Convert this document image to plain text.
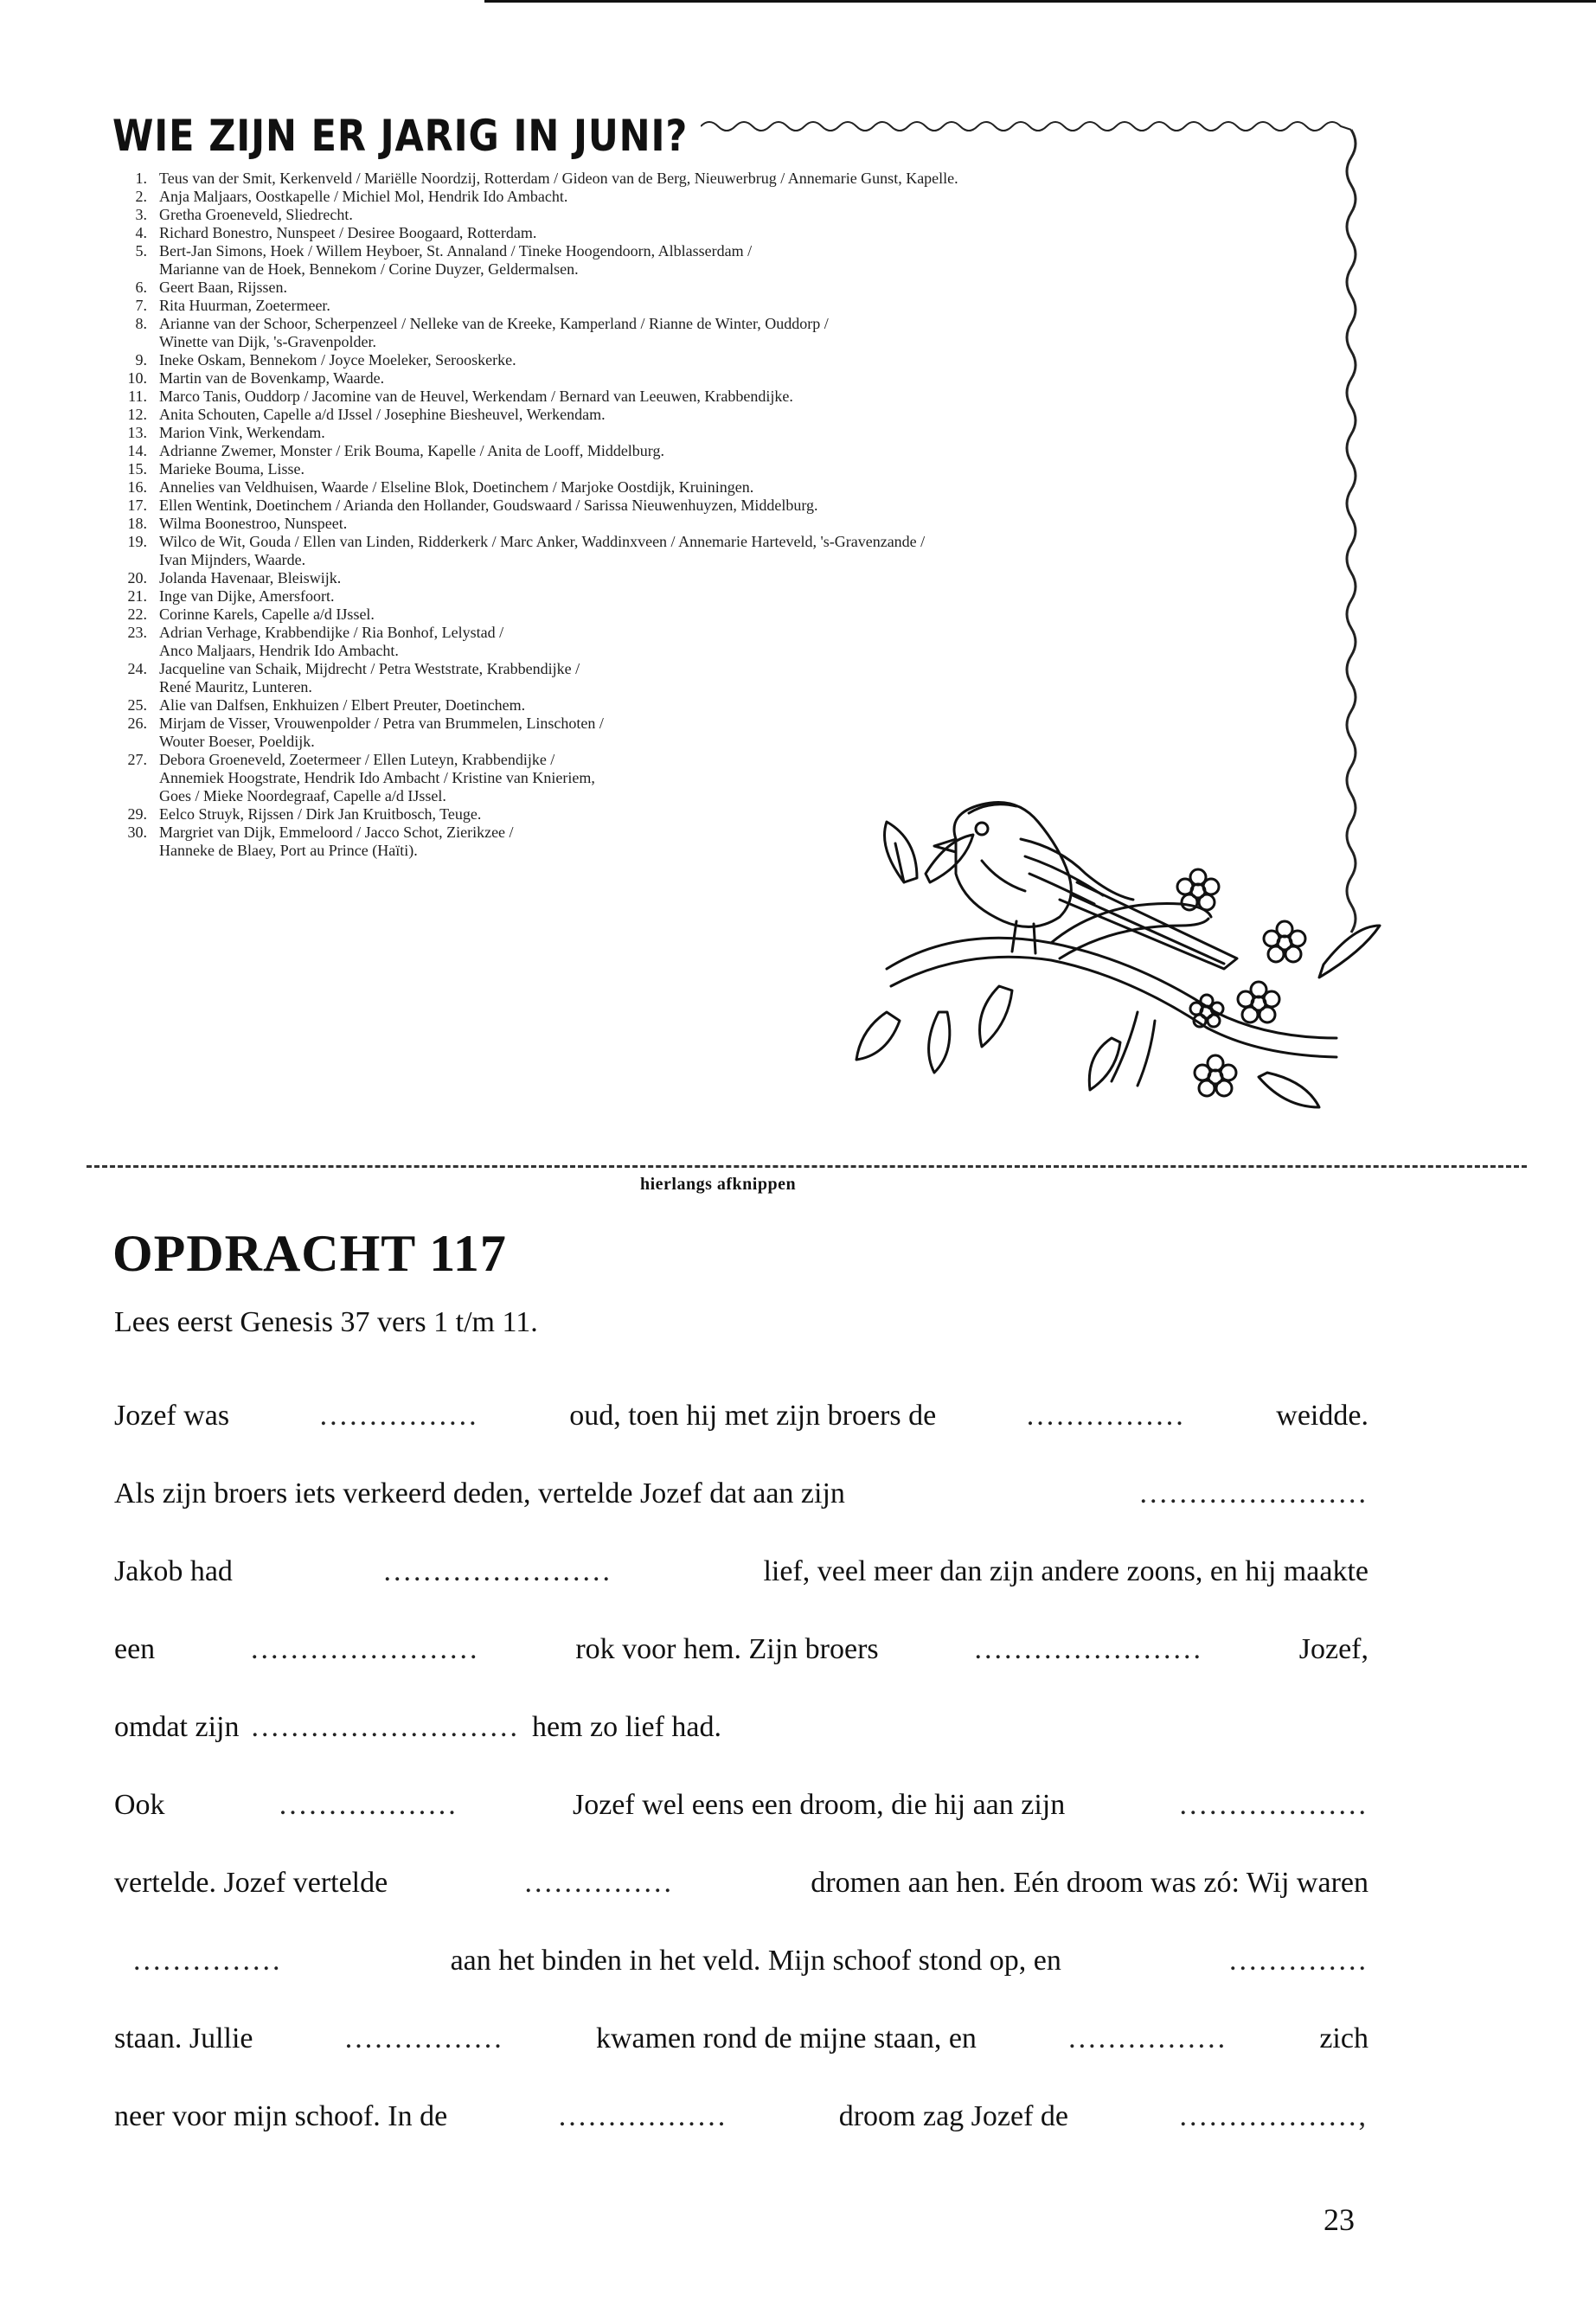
WIE ZIJN ER JARIG IN JUNI?
1. Teus van der Smit, Kerkenveld / Mariëlle Noordzij, Rotterdam / Gideon van de Berg, Nieuwerbrug / Annemarie Gunst, Kapelle.
2. Anja Maljaars, Oostkapelle / Michiel Mol, Hendrik Ido Ambacht.
3. Gretha Groeneveld, Sliedrecht.
4. Richard Bonestro, Nunspeet / Desiree Boogaard, Rotterdam.
5. Bert-Jan Simons, Hoek / Willem Heyboer, St. Annaland / Tineke Hoogendoorn, Alblasserdam /
Marianne van de Hoek, Bennekom / Corine Duyzer, Geldermalsen.
6. Geert Baan, Rijssen.
7. Rita Huurman, Zoetermeer.
8. Arianne van der Schoor, Scherpenzeel / Nelleke van de Kreeke, Kamperland / Rianne de Winter, Ouddorp /
Winette van Dijk, 's-Gravenpolder.
9. Ineke Oskam, Bennekom / Joyce Moeleker, Serooskerke.
10. Martin van de Bovenkamp, Waarde.
11. Marco Tanis, Ouddorp / Jacomine van de Heuvel, Werkendam / Bernard van Leeuwen, Krabbendijke.
12. Anita Schouten, Capelle a/d IJssel / Josephine Biesheuvel, Werkendam.
13. Marion Vink, Werkendam.
14. Adrianne Zwemer, Monster / Erik Bouma, Kapelle / Anita de Looff, Middelburg.
15. Marieke Bouma, Lisse.
16. Annelies van Veldhuisen, Waarde / Elseline Blok, Doetinchem / Marjoke Oostdijk, Kruiningen.
17. Ellen Wentink, Doetinchem / Arianda den Hollander, Goudswaard / Sarissa Nieuwenhuyzen, Middelburg.
18. Wilma Boonestroo, Nunspeet.
19. Wilco de Wit, Gouda / Ellen van Linden, Ridderkerk / Marc Anker, Waddinxveen / Annemarie Harteveld, 's-Gravenzande /
Ivan Mijnders, Waarde.
20. Jolanda Havenaar, Bleiswijk.
21. Inge van Dijke, Amersfoort.
22. Corinne Karels, Capelle a/d IJssel.
23. Adrian Verhage, Krabbendijke / Ria Bonhof, Lelystad /
Anco Maljaars, Hendrik Ido Ambacht.
24. Jacqueline van Schaik, Mijdrecht / Petra Weststrate, Krabbendijke /
René Mauritz, Lunteren.
25. Alie van Dalfsen, Enkhuizen / Elbert Preuter, Doetinchem.
26. Mirjam de Visser, Vrouwenpolder / Petra van Brummelen, Linschoten /
Wouter Boeser, Poeldijk.
27. Debora Groeneveld, Zoetermeer / Ellen Luteyn, Krabbendijke /
Annemiek Hoogstrate, Hendrik Ido Ambacht / Kristine van Knieriem,
Goes / Mieke Noordegraaf, Capelle a/d IJssel.
29. Eelco Struyk, Rijssen / Dirk Jan Kruitbosch, Teuge.
30. Margriet van Dijk, Emmeloord / Jacco Schot, Zierikzee /
Hanneke de Blaey, Port au Prince (Haïti).
hierlangs afknippen
OPDRACHT 117
Lees eerst Genesis 37 vers 1 t/m 11.
Jozef was	................	oud, toen hij met zijn broers de	................	weidde.
Als zijn broers iets verkeerd deden, vertelde Jozef dat aan zijn	.......................
Jakob had	.......................	lief, veel meer dan zijn andere zoons, en hij maakte
een	.......................	rok voor hem. Zijn broers	.......................	Jozef,
omdat zijn ........................... hem zo lief had.
Ook	..................	Jozef wel eens een droom, die hij aan zijn	...................
vertelde. Jozef vertelde	...............	dromen aan hen. Eén droom was zó: Wij waren
...............	aan het binden in het veld. Mijn schoof stond op, en	..............
staan. Jullie	................	kwamen rond de mijne staan, en	................	zich
neer voor mijn schoof. In de	.................	droom zag Jozef de	..................,
23
